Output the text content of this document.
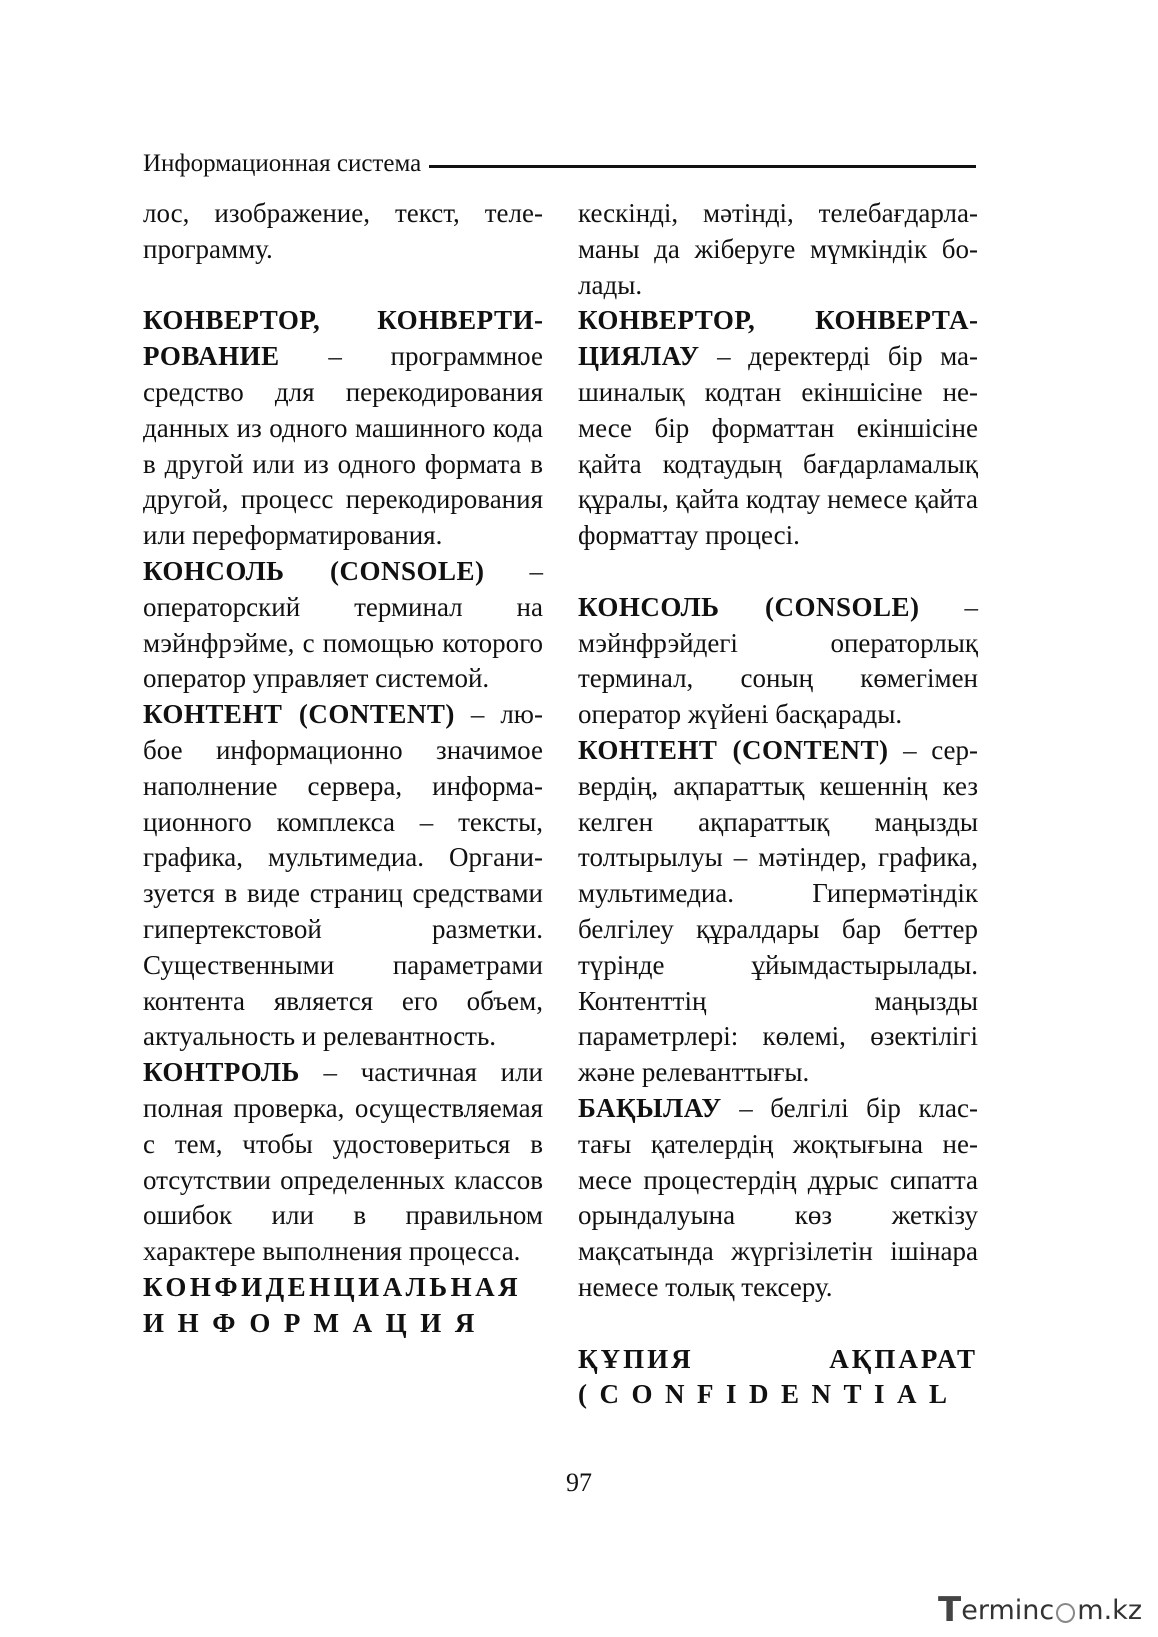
Информационная система

лос, изображение, текст, телепрограмму.

КОНВЕРТОР, КОНВЕРТИРОВАНИЕ – программное средство для перекодирования данных из одного машинного кода в другой или из одного формата в другой, процесс перекодирования или переформатирования.

КОНСОЛЬ (CONSOLE) – операторский терминал на мэйнфрэйме, с помощью которого оператор управляет системой.

КОНТЕНТ (CONTENT) – любое информационно значимое наполнение сервера, информационного комплекса – тексты, графика, мультимедиа. Организуется в виде страниц средствами гипертекстовой разметки. Существенными параметрами контента является его объем, актуальность и релевантность.

КОНТРОЛЬ – частичная или полная проверка, осуществляемая с тем, чтобы удостовериться в отсутствии определенных классов ошибок или в правильном характере выполнения процесса.

КОНФИДЕНЦИАЛЬНАЯ

ИНФОРМАЦИЯ

кескінді, мәтінді, телебағдарламаны да жіберуге мүмкіндік болады.

КОНВЕРТОР, КОНВЕРТАЦИЯЛАУ – деректерді бір машиналық кодтан екіншісіне немесе бір форматтан екіншісіне қайта кодтаудың бағдарламалық құралы, қайта кодтау немесе қайта форматтау процесі.

КОНСОЛЬ (CONSOLE) – мэйнфрэйдегі операторлық терминал, соның көмегімен оператор жүйені басқарады.

КОНТЕНТ (CONTENT) – сервердің, ақпараттық кешеннің кез келген ақпараттық маңызды толтырылуы – мәтіндер, графика, мультимедиа. Гипермәтіндік белгілеу құралдары бар беттер түрінде ұйымдастырылады. Контенттің маңызды параметрлері: көлемі, өзектілігі және релеванттығы.

БАҚЫЛАУ – белгілі бір кластағы қателердің жоқтығына немесе процестердің дұрыс сипатта орындалуына көз жеткізу мақсатында жүргізілетін ішінара немесе толық тексеру.

ҚҰПИЯ АҚПАРАТ

(CONFIDENTIAL

97
T erminc m.kz
